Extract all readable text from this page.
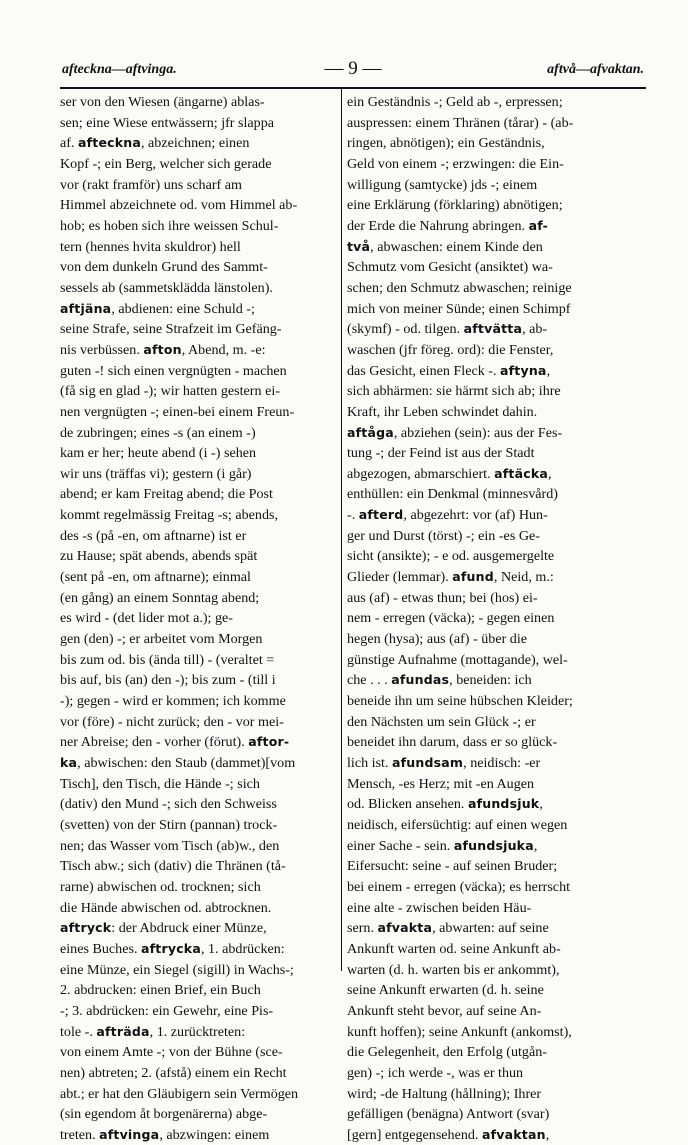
afteckna—aftvinga.	— 9 —	aftvå—afvaktan.
ser von den Wiesen (ängarne) ablas-
sen; eine Wiese entwässern; jfr slappa
af. afteckna, abzeichnen; einen
Kopf -; ein Berg, welcher sich gerade
vor (rakt framför) uns scharf am
Himmel abzeichnete od. vom Himmel ab-
hob; es hoben sich ihre weissen Schul-
tern (hennes hvita skuldror) hell
von dem dunkeln Grund des Sammt-
sessels ab (sammetsklädda länstolen).
aftjäna, abdienen: eine Schuld -;
seine Strafe, seine Strafzeit im Gefäng-
nis verbüssen. afton, Abend, m. -e:
guten -! sich einen vergnügten - machen
(få sig en glad -); wir hatten gestern ei-
nen vergnügten -; einen-bei einem Freun-
de zubringen; eines -s (an einem -)
kam er her; heute abend (i -) sehen
wir uns (träffas vi); gestern (i går)
abend; er kam Freitag abend; die Post
kommt regelmässig Freitag -s; abends,
des -s (på -en, om aftnarne) ist er
zu Hause; spät abends, abends spät
(sent på -en, om aftnarne); einmal
(en gång) an einem Sonntag abend;
es wird - (det lider mot a.); ge-
gen (den) -; er arbeitet vom Morgen
bis zum od. bis (ända till) - (veraltet =
bis auf, bis (an) den -); bis zum - (till i
-); gegen - wird er kommen; ich komme
vor (före) - nicht zurück; den - vor mei-
ner Abreise; den - vorher (förut). aftor-
ka, abwischen: den Staub (dammet)[vom
Tisch], den Tisch, die Hände -; sich
(dativ) den Mund -; sich den Schweiss
(svetten) von der Stirn (pannan) trock-
nen; das Wasser vom Tisch (ab)w., den
Tisch abw.; sich (dativ) die Thränen (tå-
rarne) abwischen od. trocknen; sich
die Hände abwischen od. abtrocknen.
aftryck: der Abdruck einer Münze,
eines Buches. aftrycka, 1. abdrücken:
eine Münze, ein Siegel (sigill) in Wachs-;
2. abdrucken: einen Brief, ein Buch
-; 3. abdrücken: ein Gewehr, eine Pis-
tole -. afträda, 1. zurücktreten:
von einem Amte -; von der Bühne (sce-
nen) abtreten; 2. (afstå) einem ein Recht
abt.; er hat den Gläubigern sein Vermögen
(sin egendom åt borgenärerna) abge-
treten. aftvinga, abzwingen: einem
ein Geständnis -; Geld ab -, erpressen;
auspressen: einem Thränen (tårar) - (ab-
ringen, abnötigen); ein Geständnis,
Geld von einem -; erzwingen: die Ein-
willigung (samtycke) jds -; einem
eine Erklärung (förklaring) abnötigen;
der Erde die Nahrung abringen. af-
två, abwaschen: einem Kinde den
Schmutz vom Gesicht (ansiktet) wa-
schen; den Schmutz abwaschen; reinige
mich von meiner Sünde; einen Schimpf
(skymf) - od. tilgen. aftvätta, ab-
waschen (jfr föreg. ord): die Fenster,
das Gesicht, einen Fleck -. aftyna,
sich abhärmen: sie härmt sich ab; ihre
Kraft, ihr Leben schwindet dahin.
aftåga, abziehen (sein): aus der Fes-
tung -; der Feind ist aus der Stadt
abgezogen, abmarschiert. aftäcka,
enthüllen: ein Denkmal (minnesvård)
-. afterd, abgezehrt: vor (af) Hun-
ger und Durst (törst) -; ein -es Ge-
sicht (ansikte); - e od. ausgemergelte
Glieder (lemmar). afund, Neid, m.:
aus (af) - etwas thun; bei (hos) ei-
nem - erregen (väcka); - gegen einen
hegen (hysa); aus (af) - über die
günstige Aufnahme (mottagande), wel-
che . . . afundas, beneiden: ich
beneide ihn um seine hübschen Kleider;
den Nächsten um sein Glück -; er
beneidet ihn darum, dass er so glück-
lich ist. afundsam, neidisch: -er
Mensch, -es Herz; mit -en Augen
od. Blicken ansehen. afundsjuk,
neidisch, eifersüchtig: auf einen wegen
einer Sache - sein. afundsjuka,
Eifersucht: seine - auf seinen Bruder;
bei einem - erregen (väcka); es herrscht
eine alte - zwischen beiden Häu-
sern. afvakta, abwarten: auf seine
Ankunft warten od. seine Ankunft ab-
warten (d. h. warten bis er ankommt),
seine Ankunft erwarten (d. h. seine
Ankunft steht bevor, auf seine An-
kunft hoffen); seine Ankunft (ankomst),
die Gelegenheit, den Erfolg (utgån-
gen) -; ich werde -, was er thun
wird; -de Haltung (hållning); Ihrer
gefälligen (benägna) Antwort (svar)
[gern] entgegensehend. afvaktan,
